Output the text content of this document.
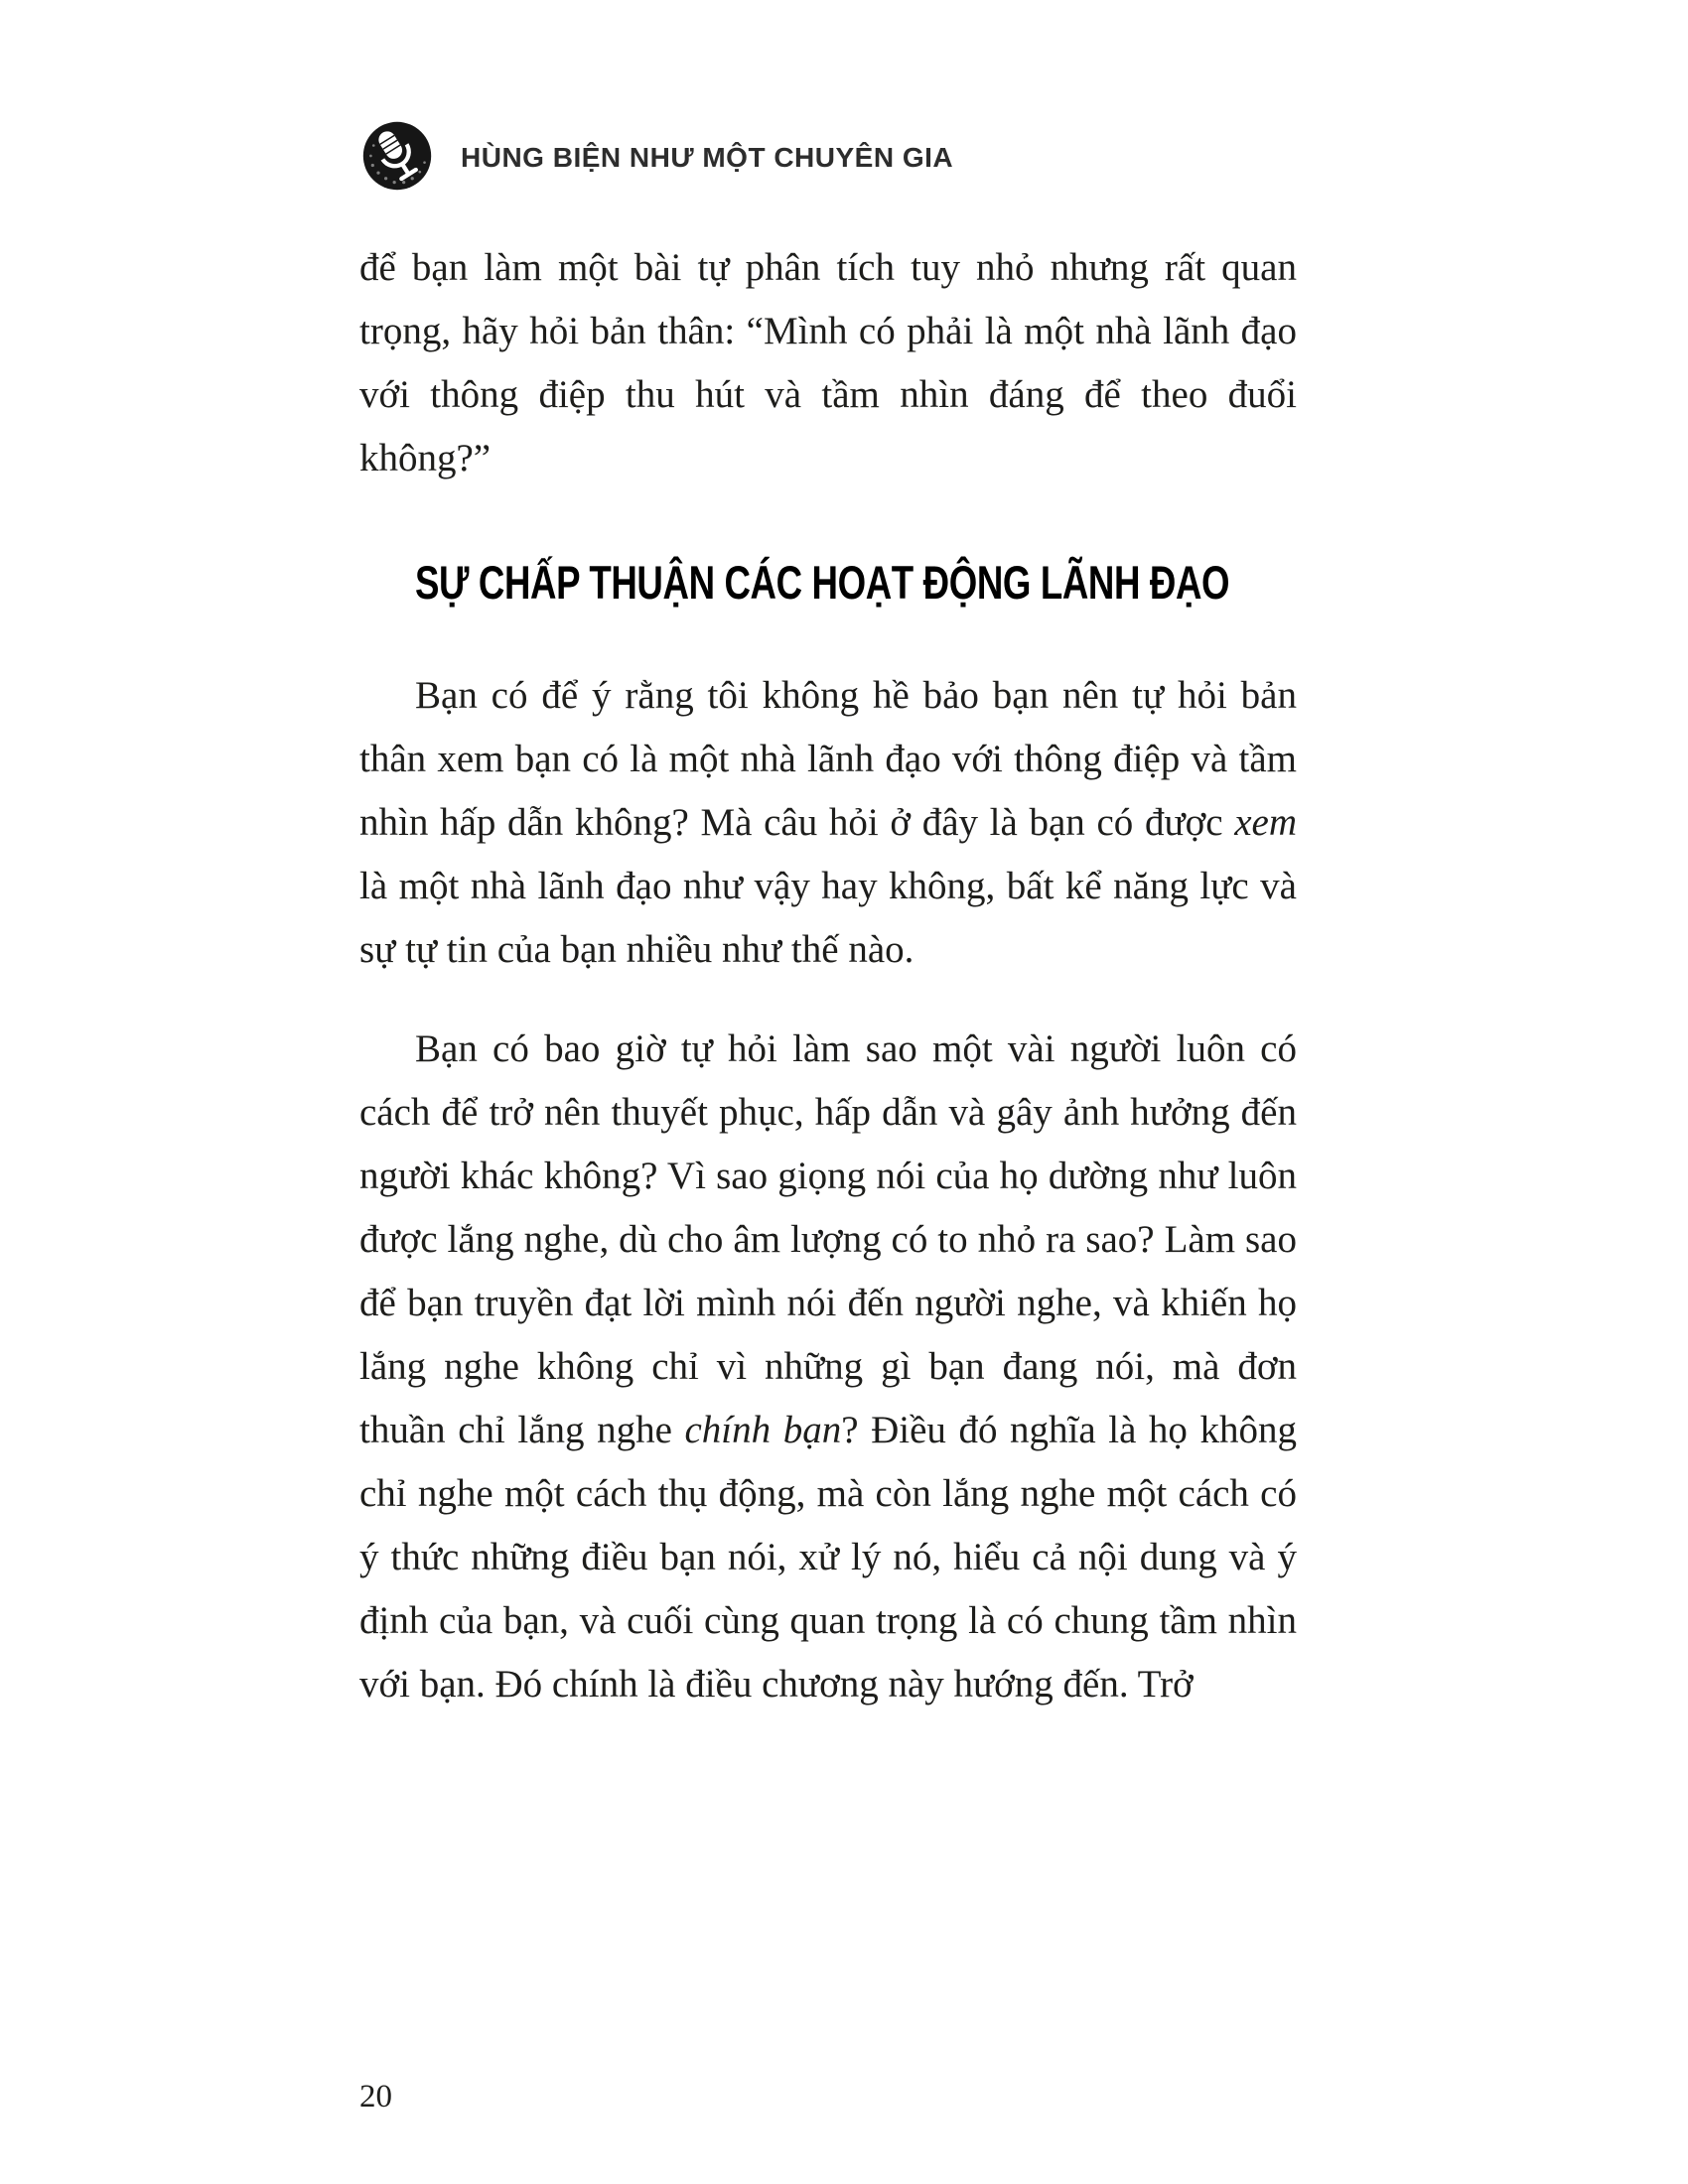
HÙNG BIỆN NHƯ MỘT CHUYÊN GIA

để bạn làm một bài tự phân tích tuy nhỏ nhưng rất quan trọng, hãy hỏi bản thân: “Mình có phải là một nhà lãnh đạo với thông điệp thu hút và tầm nhìn đáng để theo đuổi không?”

SỰ CHẤP THUẬN CÁC HOẠT ĐỘNG LÃNH ĐẠO

Bạn có để ý rằng tôi không hề bảo bạn nên tự hỏi bản thân xem bạn có là một nhà lãnh đạo với thông điệp và tầm nhìn hấp dẫn không? Mà câu hỏi ở đây là bạn có được xem là một nhà lãnh đạo như vậy hay không, bất kể năng lực và sự tự tin của bạn nhiều như thế nào.

Bạn có bao giờ tự hỏi làm sao một vài người luôn có cách để trở nên thuyết phục, hấp dẫn và gây ảnh hưởng đến người khác không? Vì sao giọng nói của họ dường như luôn được lắng nghe, dù cho âm lượng có to nhỏ ra sao? Làm sao để bạn truyền đạt lời mình nói đến người nghe, và khiến họ lắng nghe không chỉ vì những gì bạn đang nói, mà đơn thuần chỉ lắng nghe chính bạn? Điều đó nghĩa là họ không chỉ nghe một cách thụ động, mà còn lắng nghe một cách có ý thức những điều bạn nói, xử lý nó, hiểu cả nội dung và ý định của bạn, và cuối cùng quan trọng là có chung tầm nhìn với bạn. Đó chính là điều chương này hướng đến. Trở

20
